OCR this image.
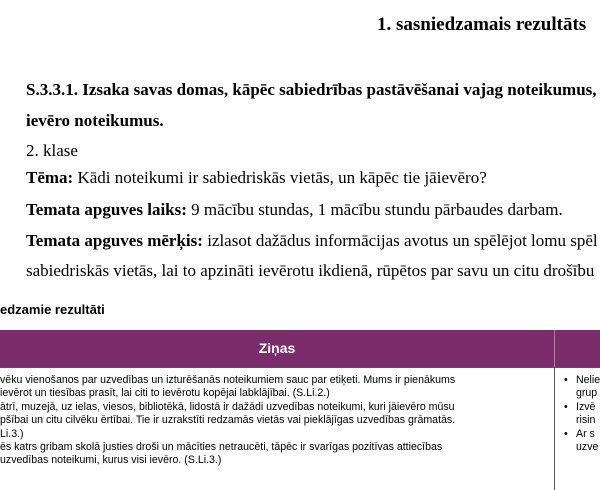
1. sasniedzamais rezultāts
S.3.3.1. Izsaka savas domas, kāpēc sabiedrības pastāvēšanai vajag noteikumus,
ievēro noteikumus.
2. klase
Tēma: Kādi noteikumi ir sabiedriskās vietās, un kāpēc tie jāievēro?
Temata apguves laiks: 9 mācību stundas, 1 mācību stundu pārbaudes darbam.
Temata apguves mērķis: izlasot dažādus informācijas avotus un spēlējot lomu spēl
sabiedriskās vietās, lai to apzināti ievērotu ikdienā, rūpētos par savu un citu drošību
edzamie rezultāti
Ziņas
vēku vienošanos par uzvedības un izturēšanās noteikumiem sauc par etiķeti. Mums ir pienākums
ievērot un tiesības prasīt, lai citi to ievērotu kopējai labklājībai. (S.Li.2.)
ātrī, muzejā, uz ielas, viesos, bibliotēkā, lidostā ir dažādi uzvedības noteikumi, kuri jāievēro mūsu
pšībai un citu cilvēku ērtībai. Tie ir uzrakstīti redzamās vietās vai pieklājīgas uzvedības grāmatās.
Li.3.)
ēs katrs gribam skolā justies droši un mācīties netraucēti, tāpēc ir svarīgas pozitīvas attiecības
uzvedības noteikumi, kurus visi ievēro. (S.Li.3.)
• Nelie
grup
• Izvē
risin
• Ar s
uzve
